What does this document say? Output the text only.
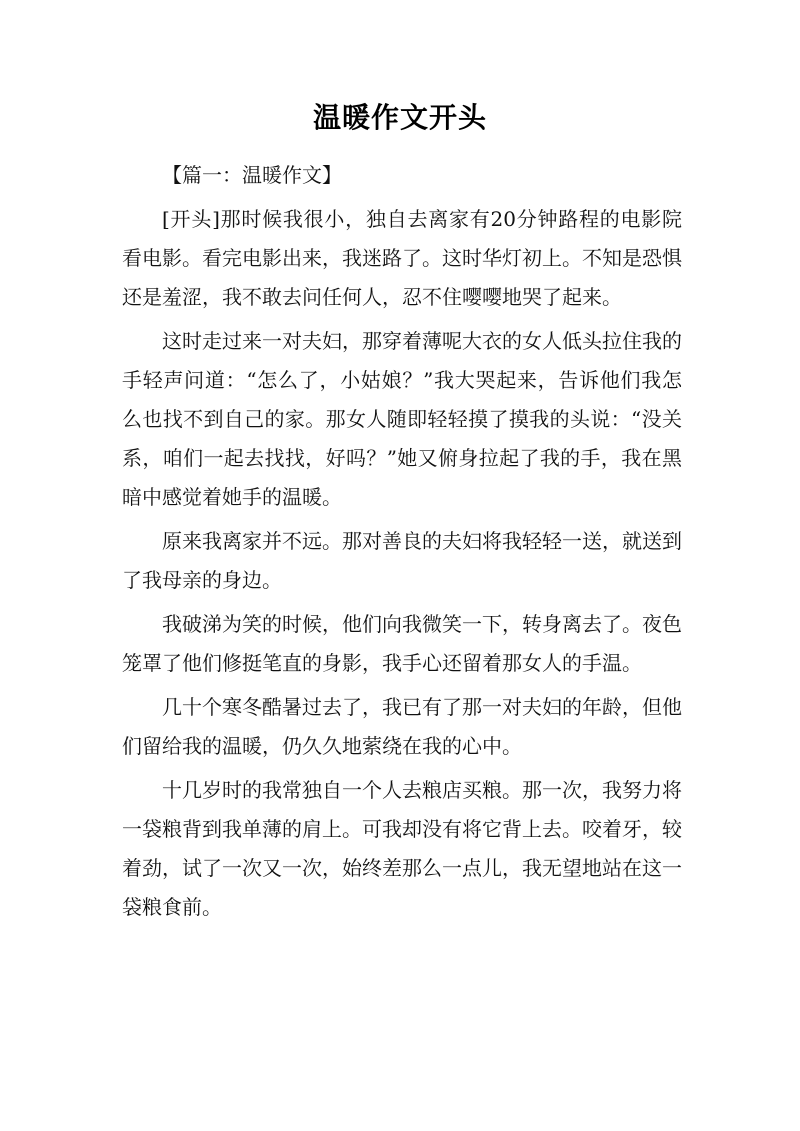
温暖作文开头

【篇一：温暖作文】

[开头]那时候我很小，独自去离家有20分钟路程的电影院看电影。看完电影出来，我迷路了。这时华灯初上。不知是恐惧还是羞涩，我不敢去问任何人，忍不住嘤嘤地哭了起来。

这时走过来一对夫妇，那穿着薄呢大衣的女人低头拉住我的手轻声问道：“怎么了，小姑娘？”我大哭起来，告诉他们我怎么也找不到自己的家。那女人随即轻轻摸了摸我的头说：“没关系，咱们一起去找找，好吗？”她又俯身拉起了我的手，我在黑暗中感觉着她手的温暖。

原来我离家并不远。那对善良的夫妇将我轻轻一送，就送到了我母亲的身边。

我破涕为笑的时候，他们向我微笑一下，转身离去了。夜色笼罩了他们修挺笔直的身影，我手心还留着那女人的手温。

几十个寒冬酷暑过去了，我已有了那一对夫妇的年龄，但他们留给我的温暖，仍久久地萦绕在我的心中。

十几岁时的我常独自一个人去粮店买粮。那一次，我努力将一袋粮背到我单薄的肩上。可我却没有将它背上去。咬着牙，较着劲，试了一次又一次，始终差那么一点儿，我无望地站在这一袋粮食前。
